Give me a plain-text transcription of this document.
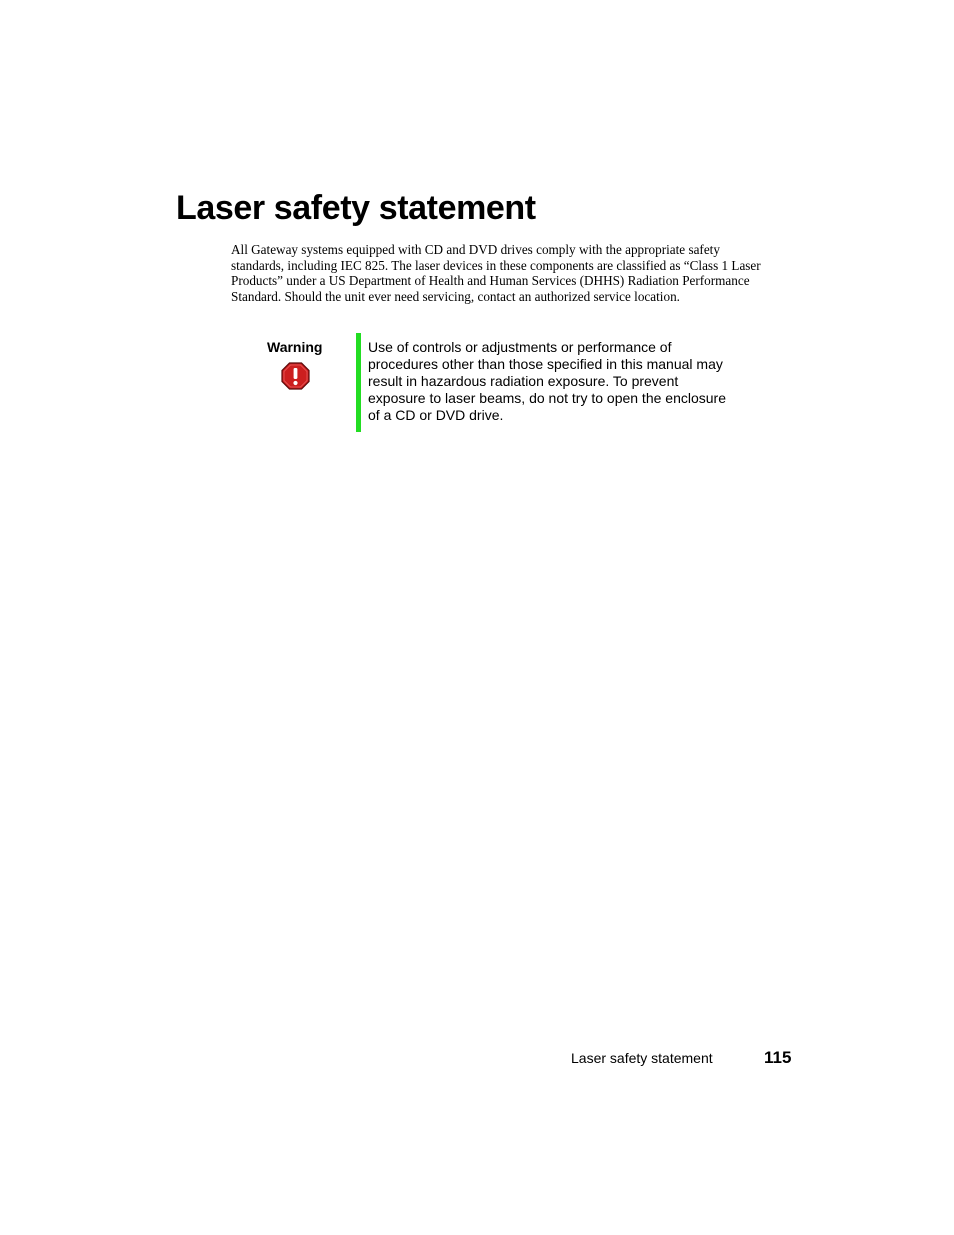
Laser safety statement

All Gateway systems equipped with CD and DVD drives comply with the appropriate safety standards, including IEC 825. The laser devices in these components are classified as “Class 1 Laser Products” under a US Department of Health and Human Services (DHHS) Radiation Performance Standard. Should the unit ever need servicing, contact an authorized service location.

Warning	Use of controls or adjustments or performance of procedures other than those specified in this manual may result in hazardous radiation exposure. To prevent exposure to laser beams, do not try to open the enclosure of a CD or DVD drive.

Laser safety statement	115
